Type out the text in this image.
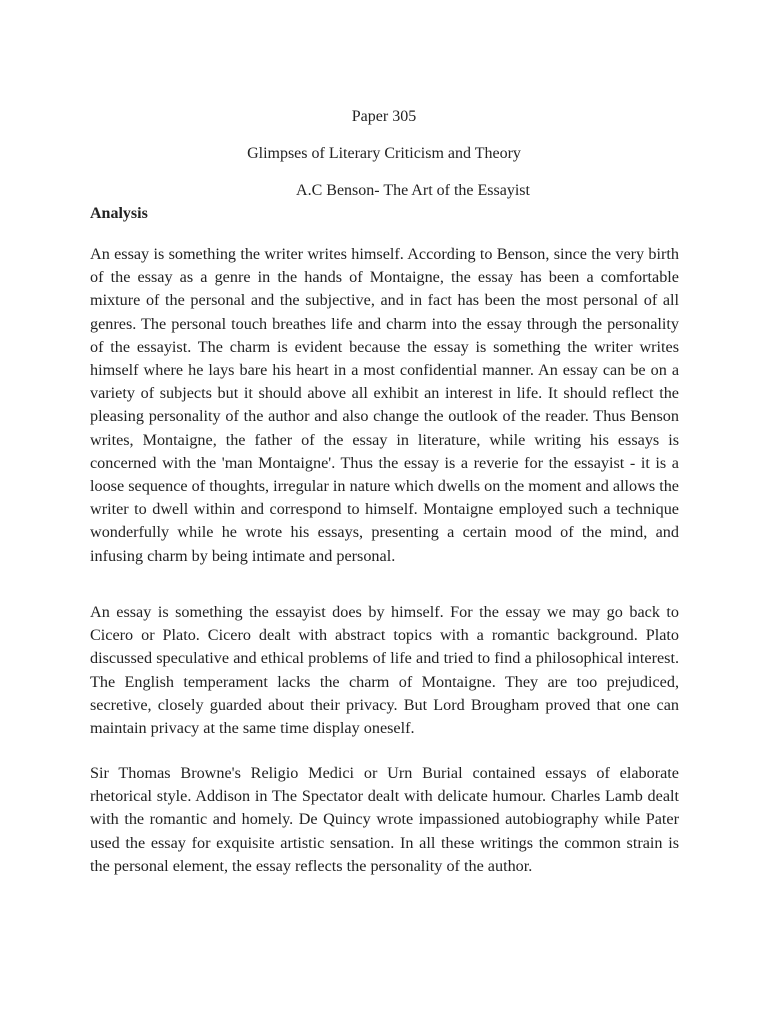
Paper 305
Glimpses of Literary Criticism and Theory
A.C Benson- The Art of the Essayist
Analysis

An essay is something the writer writes himself. According to Benson, since the very birth of the essay as a genre in the hands of Montaigne, the essay has been a comfortable mixture of the personal and the subjective, and in fact has been the most personal of all genres. The personal touch breathes life and charm into the essay through the personality of the essayist. The charm is evident because the essay is something the writer writes himself where he lays bare his heart in a most confidential manner. An essay can be on a variety of subjects but it should above all exhibit an interest in life. It should reflect the pleasing personality of the author and also change the outlook of the reader. Thus Benson writes, Montaigne, the father of the essay in literature, while writing his essays is concerned with the 'man Montaigne'. Thus the essay is a reverie for the essayist - it is a loose sequence of thoughts, irregular in nature which dwells on the moment and allows the writer to dwell within and correspond to himself. Montaigne employed such a technique wonderfully while he wrote his essays, presenting a certain mood of the mind, and infusing charm by being intimate and personal.

An essay is something the essayist does by himself. For the essay we may go back to Cicero or Plato. Cicero dealt with abstract topics with a romantic background. Plato discussed speculative and ethical problems of life and tried to find a philosophical interest. The English temperament lacks the charm of Montaigne. They are too prejudiced, secretive, closely guarded about their privacy. But Lord Brougham proved that one can maintain privacy at the same time display oneself.

Sir Thomas Browne's Religio Medici or Urn Burial contained essays of elaborate rhetorical style. Addison in The Spectator dealt with delicate humour. Charles Lamb dealt with the romantic and homely. De Quincy wrote impassioned autobiography while Pater used the essay for exquisite artistic sensation. In all these writings the common strain is the personal element, the essay reflects the personality of the author.
